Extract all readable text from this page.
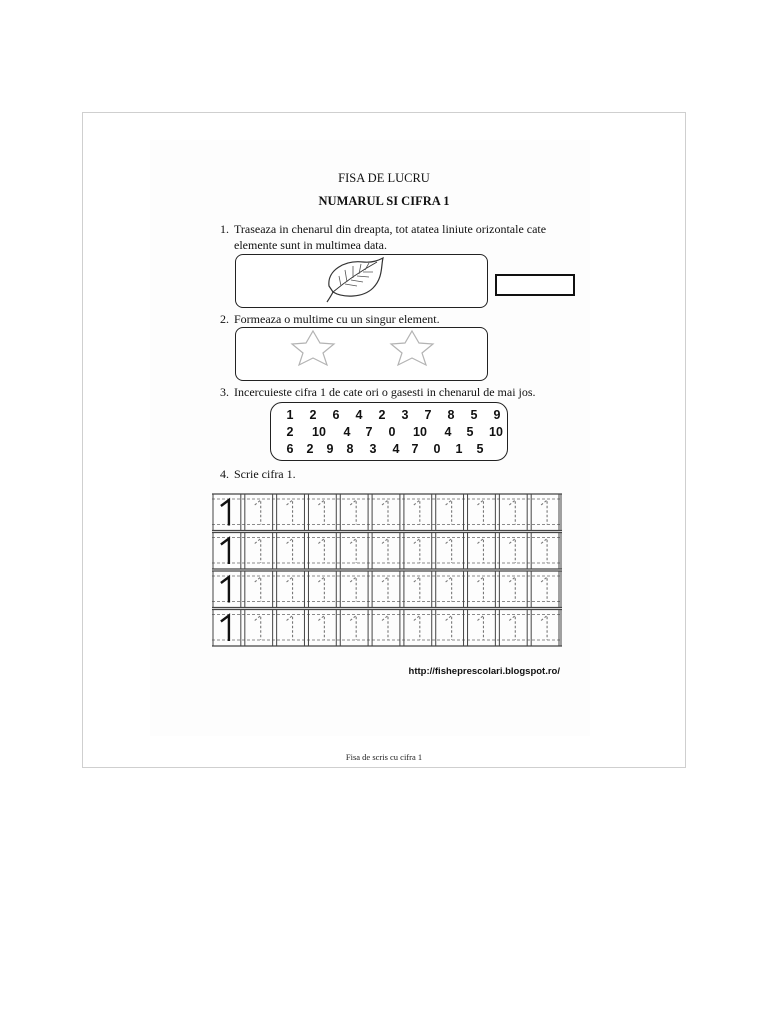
FISA DE LUCRU
NUMARUL SI CIFRA 1
1. Traseaza in chenarul din dreapta, tot atatea liniute orizontale cate
elemente sunt in multimea data.
2. Formeaza o multime cu un singur element.
3. Incercuieste cifra 1 de cate ori o gasesti in chenarul de mai jos.
1 2 6 4 2 3 7 8 5 9
2 10 4 7 0 10 4 5 10
6 2 9 8 3 4 7 0 1 5
4. Scrie cifra 1.
http://fisheprescolari.blogspot.ro/
Fisa de scris cu cifra 1
